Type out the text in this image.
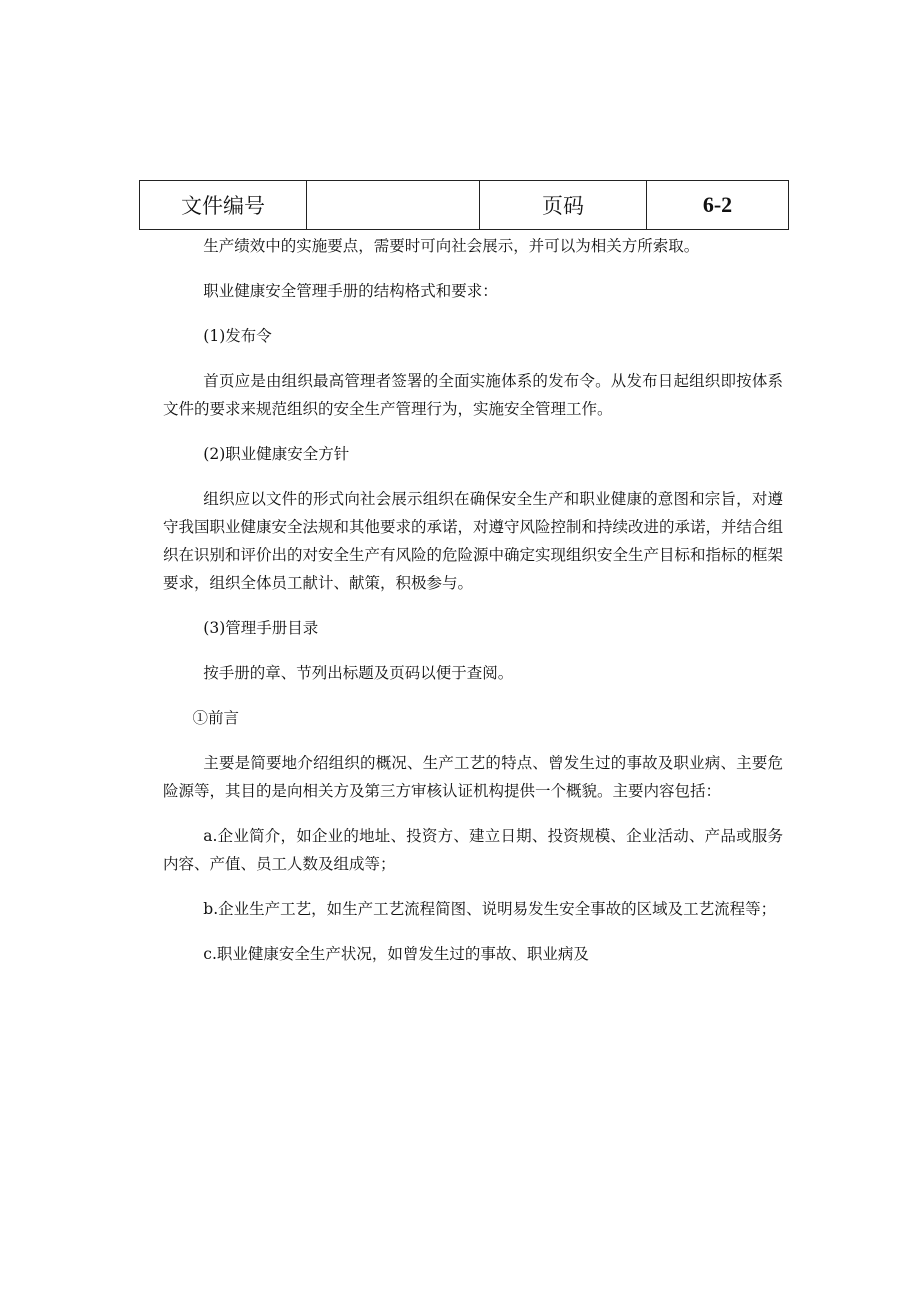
文件编号		页码	6-2

生产绩效中的实施要点，需要时可向社会展示，并可以为相关方所索取。

职业健康安全管理手册的结构格式和要求：

(1)发布令

首页应是由组织最高管理者签署的全面实施体系的发布令。从发布日起组织即按体系文件的要求来规范组织的安全生产管理行为，实施安全管理工作。

(2)职业健康安全方针

组织应以文件的形式向社会展示组织在确保安全生产和职业健康的意图和宗旨，对遵守我国职业健康安全法规和其他要求的承诺，对遵守风险控制和持续改进的承诺，并结合组织在识别和评价出的对安全生产有风险的危险源中确定实现组织安全生产目标和指标的框架要求，组织全体员工献计、献策，积极参与。

(3)管理手册目录

按手册的章、节列出标题及页码以便于查阅。

①前言

主要是简要地介绍组织的概况、生产工艺的特点、曾发生过的事故及职业病、主要危险源等，其目的是向相关方及第三方审核认证机构提供一个概貌。主要内容包括：

a.企业简介，如企业的地址、投资方、建立日期、投资规模、企业活动、产品或服务内容、产值、员工人数及组成等；

b.企业生产工艺，如生产工艺流程简图、说明易发生安全事故的区域及工艺流程等；

c.职业健康安全生产状况，如曾发生过的事故、职业病及
